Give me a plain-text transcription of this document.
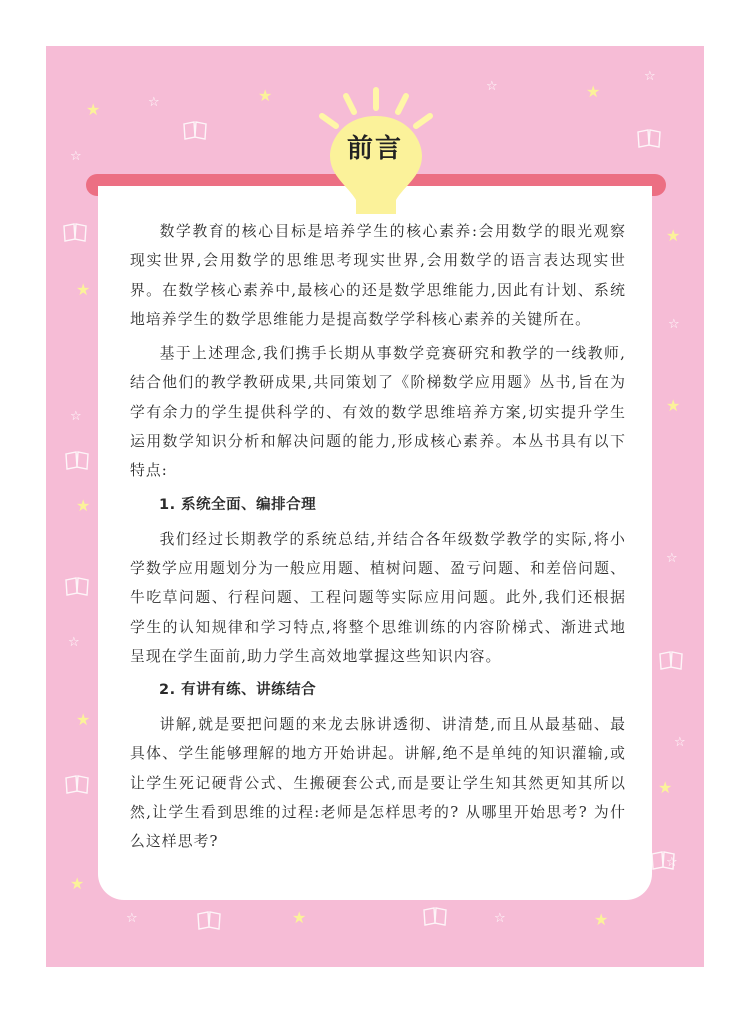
★
★	★
☆
☆
☆
☆
★
★
☆
★
☆
★
☆
☆
★
☆
★
★
☆
☆	★	☆	★
前言

数学教育的核心目标是培养学生的核心素养:会用数学的眼光观察现实世界,会用数学的思维思考现实世界,会用数学的语言表达现实世界。在数学核心素养中,最核心的还是数学思维能力,因此有计划、系统地培养学生的数学思维能力是提高数学学科核心素养的关键所在。

基于上述理念,我们携手长期从事数学竞赛研究和教学的一线教师,结合他们的教学教研成果,共同策划了《阶梯数学应用题》丛书,旨在为学有余力的学生提供科学的、有效的数学思维培养方案,切实提升学生运用数学知识分析和解决问题的能力,形成核心素养。本丛书具有以下特点:

1. 系统全面、编排合理

我们经过长期教学的系统总结,并结合各年级数学教学的实际,将小学数学应用题划分为一般应用题、植树问题、盈亏问题、和差倍问题、牛吃草问题、行程问题、工程问题等实际应用问题。此外,我们还根据学生的认知规律和学习特点,将整个思维训练的内容阶梯式、渐进式地呈现在学生面前,助力学生高效地掌握这些知识内容。

2. 有讲有练、讲练结合

讲解,就是要把问题的来龙去脉讲透彻、讲清楚,而且从最基础、最具体、学生能够理解的地方开始讲起。讲解,绝不是单纯的知识灌输,或让学生死记硬背公式、生搬硬套公式,而是要让学生知其然更知其所以然,让学生看到思维的过程:老师是怎样思考的? 从哪里开始思考? 为什么这样思考?
